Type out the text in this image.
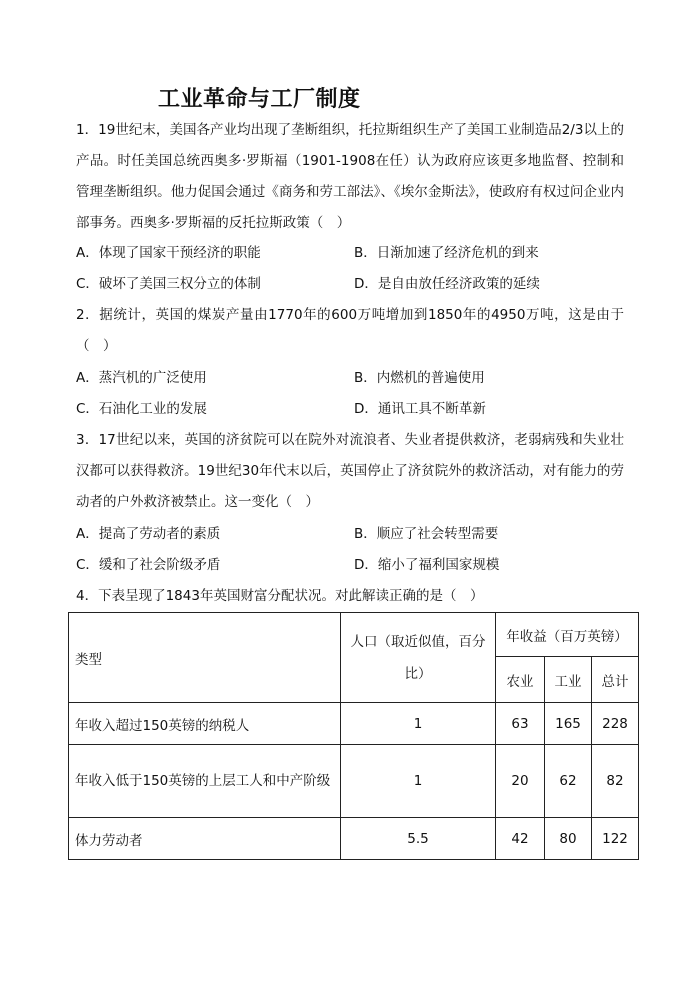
工业革命与工厂制度
1．19世纪末，美国各产业均出现了垄断组织，托拉斯组织生产了美国工业制造品2/3以上的产品。时任美国总统西奥多·罗斯福（1901-1908在任）认为政府应该更多地监督、控制和管理垄断组织。他力促国会通过《商务和劳工部法》、《埃尔金斯法》，使政府有权过问企业内部事务。西奥多·罗斯福的反托拉斯政策（　）
A．体现了国家干预经济的职能	B．日渐加速了经济危机的到来
C．破坏了美国三权分立的体制	D．是自由放任经济政策的延续
2．据统计，英国的煤炭产量由1770年的600万吨增加到1850年的4950万吨，这是由于（　）
A．蒸汽机的广泛使用	B．内燃机的普遍使用
C．石油化工业的发展	D．通讯工具不断革新
3．17世纪以来，英国的济贫院可以在院外对流浪者、失业者提供救济，老弱病残和失业壮汉都可以获得救济。19世纪30年代末以后，英国停止了济贫院外的救济活动，对有能力的劳动者的户外救济被禁止。这一变化（　）
A．提高了劳动者的素质	B．顺应了社会转型需要
C．缓和了社会阶级矛盾	D．缩小了福利国家规模
4．下表呈现了1843年英国财富分配状况。对此解读正确的是（　）
类型	人口（取近似值，百分比）	年收益（百万英镑）		
		农业	工业	总计
年收入超过150英镑的纳税人	1	63	165	228
年收入低于150英镑的上层工人和中产阶级	1	20	62	82
体力劳动者	5.5	42	80	122
